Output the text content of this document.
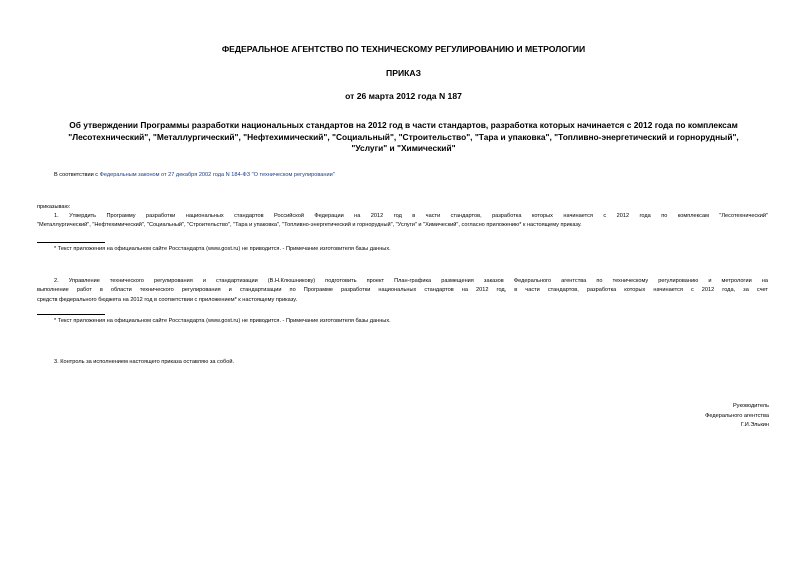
ФЕДЕРАЛЬНОЕ АГЕНТСТВО ПО ТЕХНИЧЕСКОМУ РЕГУЛИРОВАНИЮ И МЕТРОЛОГИИ
ПРИКАЗ
от 26 марта 2012 года N 187
Об утверждении Программы разработки национальных стандартов на 2012 год в части стандартов, разработка которых начинается с 2012 года по комплексам
"Лесотехнический", "Металлургический", "Нефтехимический", "Социальный", "Строительство", "Тара и упаковка", "Топливно-энергетический и горнорудный",
"Услуги" и "Химический"
В соответствии с Федеральным законом от 27 декабря 2002 года N 184-ФЗ "О техническом регулировании"
приказываю:
1. Утвердить Программу разработки национальных стандартов Российской Федерации на 2012 год в части стандартов, разработка которых начинается с 2012 года по комплексам "Лесотехнический"
"Металлургический", "Нефтехимический", "Социальный", "Строительство", "Тара и упаковка", "Топливно-энергетический и горнорудный", "Услуги" и "Химический", согласно приложению* к настоящему приказу.
* Текст приложения на официальном сайте Росстандарта (www.gost.ru) не приводится. - Примечание изготовителя базы данных.
2. Управление технического регулирования и стандартизации (В.Н.Клюшникову) подготовить проект План-графика размещения заказов Федерального агентства по техническому регулированию и метрологии на
выполнение работ в области технического регулирования и стандартизации по Программе разработки национальных стандартов на 2012 год, в части стандартов, разработка которых начинается с 2012 года, за счет
средств федерального бюджета на 2012 год в соответствии с приложением* к настоящему приказу.
* Текст приложения на официальном сайте Росстандарта (www.gost.ru) не приводится. - Примечание изготовителя базы данных.
3. Контроль за исполнением настоящего приказа оставляю за собой.
Руководитель
Федерального агентства
Г.И.Элькин
